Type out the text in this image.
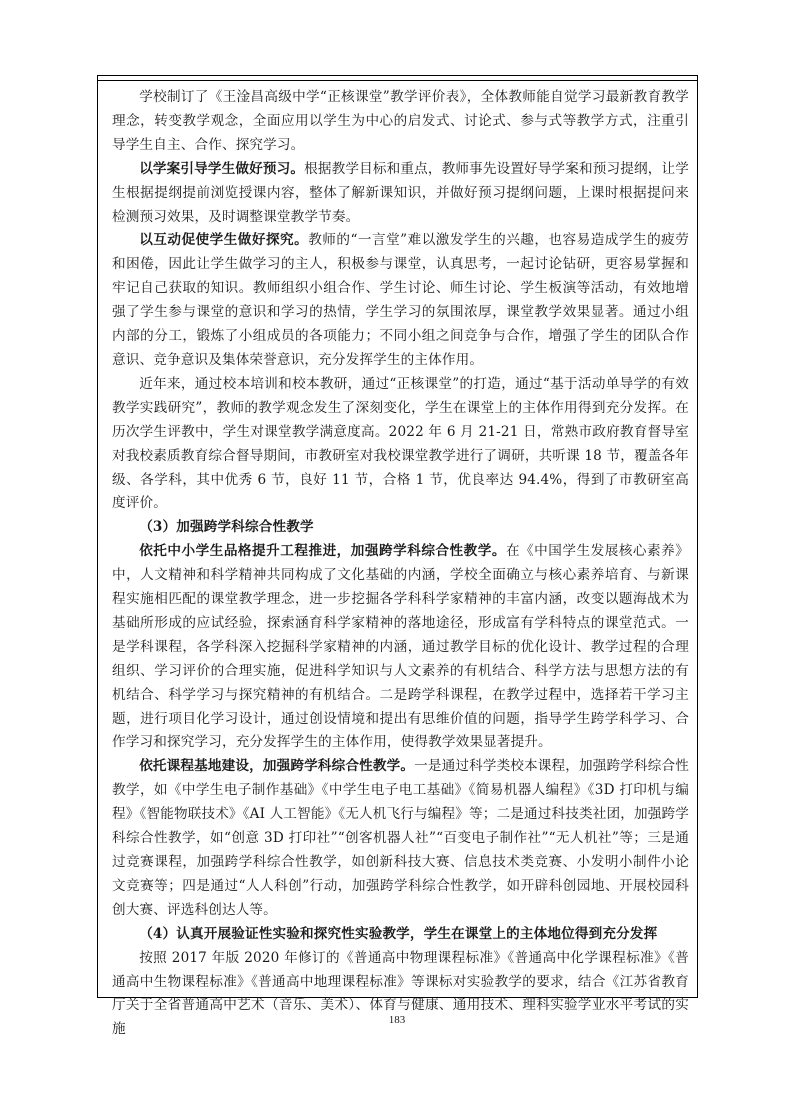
学校制订了《王淦昌高级中学“正核课堂”教学评价表》，全体教师能自觉学习最新教育教学理念，转变教学观念，全面应用以学生为中心的启发式、讨论式、参与式等教学方式，注重引导学生自主、合作、探究学习。

以学案引导学生做好预习。根据教学目标和重点，教师事先设置好导学案和预习提纲，让学生根据提纲提前浏览授课内容，整体了解新课知识，并做好预习提纲问题，上课时根据提问来检测预习效果，及时调整课堂教学节奏。

以互动促使学生做好探究。教师的“一言堂”难以激发学生的兴趣，也容易造成学生的疲劳和困倦，因此让学生做学习的主人，积极参与课堂，认真思考，一起讨论钻研，更容易掌握和牢记自己获取的知识。教师组织小组合作、学生讨论、师生讨论、学生板演等活动，有效地增强了学生参与课堂的意识和学习的热情，学生学习的氛围浓厚，课堂教学效果显著。通过小组内部的分工，锻炼了小组成员的各项能力；不同小组之间竞争与合作，增强了学生的团队合作意识、竞争意识及集体荣誉意识，充分发挥学生的主体作用。

近年来，通过校本培训和校本教研，通过“正核课堂”的打造，通过“基于活动单导学的有效教学实践研究”，教师的教学观念发生了深刻变化，学生在课堂上的主体作用得到充分发挥。在历次学生评教中，学生对课堂教学满意度高。2022 年 6 月 21-21 日，常熟市政府教育督导室对我校素质教育综合督导期间，市教研室对我校课堂教学进行了调研，共听课 18 节，覆盖各年级、各学科，其中优秀 6 节，良好 11 节，合格 1 节，优良率达 94.4%，得到了市教研室高度评价。

（3）加强跨学科综合性教学

依托中小学生品格提升工程推进，加强跨学科综合性教学。在《中国学生发展核心素养》中，人文精神和科学精神共同构成了文化基础的内涵，学校全面确立与核心素养培育、与新课程实施相匹配的课堂教学理念，进一步挖掘各学科科学家精神的丰富内涵，改变以题海战术为基础所形成的应试经验，探索涵育科学家精神的落地途径，形成富有学科特点的课堂范式。一是学科课程，各学科深入挖掘科学家精神的内涵，通过教学目标的优化设计、教学过程的合理组织、学习评价的合理实施，促进科学知识与人文素养的有机结合、科学方法与思想方法的有机结合、科学学习与探究精神的有机结合。二是跨学科课程，在教学过程中，选择若干学习主题，进行项目化学习设计，通过创设情境和提出有思维价值的问题，指导学生跨学科学习、合作学习和探究学习，充分发挥学生的主体作用，使得教学效果显著提升。

依托课程基地建设，加强跨学科综合性教学。一是通过科学类校本课程，加强跨学科综合性教学，如《中学生电子制作基础》《中学生电子电工基础》《简易机器人编程》《3D 打印机与编程》《智能物联技术》《AI 人工智能》《无人机飞行与编程》等；二是通过科技类社团，加强跨学科综合性教学，如“创意 3D 打印社”“创客机器人社”“百变电子制作社”“无人机社”等；三是通过竞赛课程，加强跨学科综合性教学，如创新科技大赛、信息技术类竞赛、小发明小制件小论文竞赛等；四是通过“人人科创”行动，加强跨学科综合性教学，如开辟科创园地、开展校园科创大赛、评选科创达人等。

（4）认真开展验证性实验和探究性实验教学，学生在课堂上的主体地位得到充分发挥

按照 2017 年版 2020 年修订的《普通高中物理课程标准》《普通高中化学课程标准》《普通高中生物课程标准》《普通高中地理课程标准》等课标对实验教学的要求，结合《江苏省教育厅关于全省普通高中艺术（音乐、美术）、体育与健康、通用技术、理科实验学业水平考试的实施

183
